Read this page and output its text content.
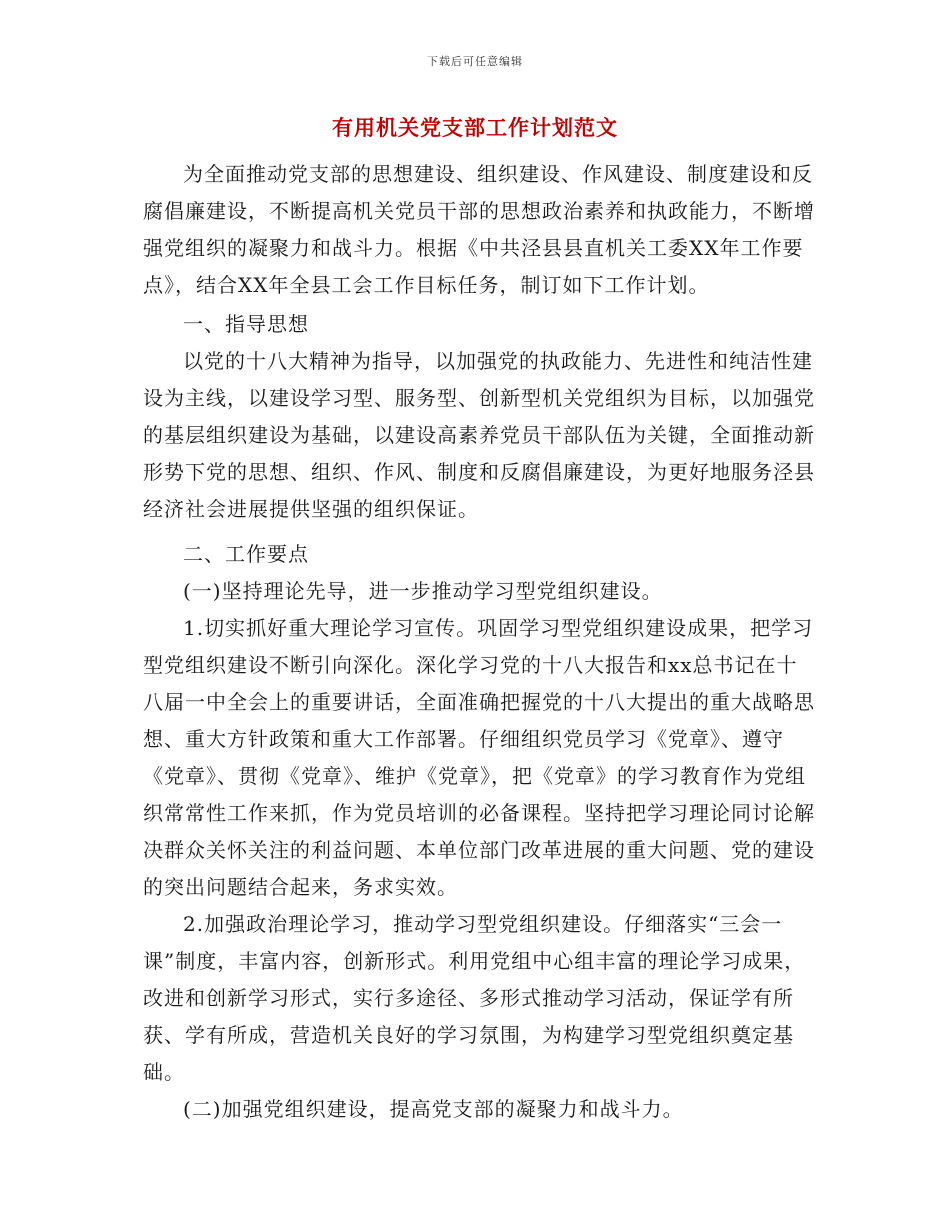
下载后可任意编辑
有用机关党支部工作计划范文

为全面推动党支部的思想建设、组织建设、作风建设、制度建设和反腐倡廉建设，不断提高机关党员干部的思想政治素养和执政能力，不断增强党组织的凝聚力和战斗力。根据《中共泾县县直机关工委XX年工作要点》，结合XX年全县工会工作目标任务，制订如下工作计划。

一、指导思想

以党的十八大精神为指导，以加强党的执政能力、先进性和纯洁性建设为主线，以建设学习型、服务型、创新型机关党组织为目标，以加强党的基层组织建设为基础，以建设高素养党员干部队伍为关键，全面推动新形势下党的思想、组织、作风、制度和反腐倡廉建设，为更好地服务泾县经济社会进展提供坚强的组织保证。

二、工作要点

(一)坚持理论先导，进一步推动学习型党组织建设。

1.切实抓好重大理论学习宣传。巩固学习型党组织建设成果，把学习型党组织建设不断引向深化。深化学习党的十八大报告和xx总书记在十八届一中全会上的重要讲话，全面准确把握党的十八大提出的重大战略思想、重大方针政策和重大工作部署。仔细组织党员学习《党章》、遵守《党章》、贯彻《党章》、维护《党章》，把《党章》的学习教育作为党组织常常性工作来抓，作为党员培训的必备课程。坚持把学习理论同讨论解决群众关怀关注的利益问题、本单位部门改革进展的重大问题、党的建设的突出问题结合起来，务求实效。

2.加强政治理论学习，推动学习型党组织建设。仔细落实“三会一课”制度，丰富内容，创新形式。利用党组中心组丰富的理论学习成果，改进和创新学习形式，实行多途径、多形式推动学习活动，保证学有所获、学有所成，营造机关良好的学习氛围，为构建学习型党组织奠定基础。

(二)加强党组织建设，提高党支部的凝聚力和战斗力。
